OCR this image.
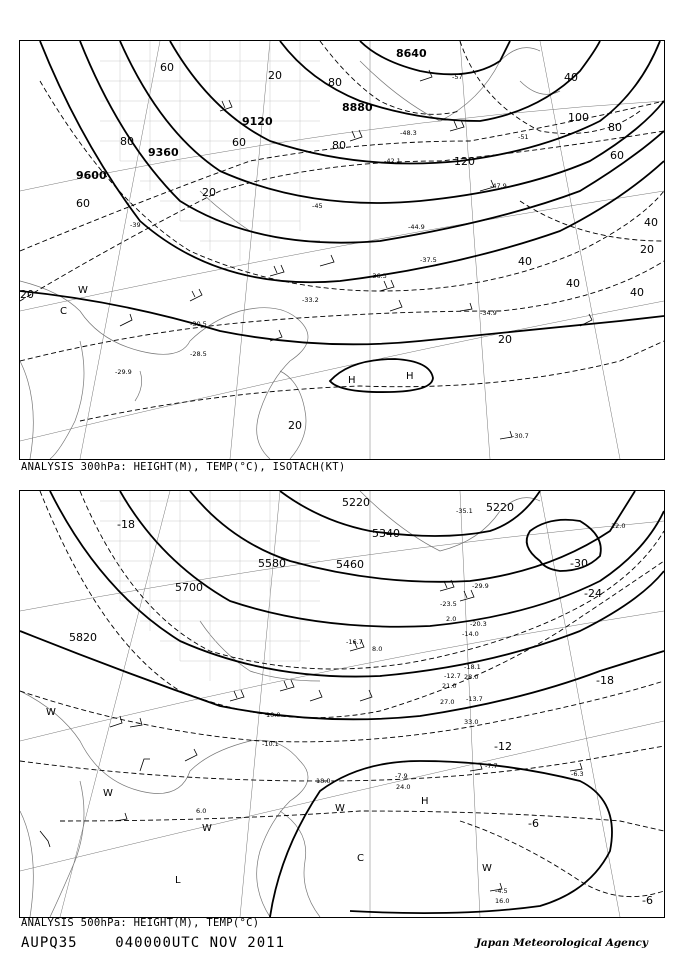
8640
8880
9120
9360
9600
20
20
20
20
20
40
40
40
40
40
60
60
60
60
20
80
80
80
80
100
120
H	H
C
W
-57
-51
-48.3
-45
-42.1
-39
-36.3
-33.2
-30.5
-28.5
-29.9
-30.7
-34.9
-37.5
-44.9
-47.9
ANALYSIS 300hPa: HEIGHT(M), TEMP(°C), ISOTACH(KT)
5220	5220
5340
5460
5580
5700
5820
-30
-24
-18
-12
-6
-6
-18
H
L
C
W
W
W
W
W
-35.1
-29.9
-23.5
-20.3
-18.1
-16.7
-14.0
-13.7
-12.7
-10.1
-7.9
-7.7
-6.3
-4.5
2.0
6.0
8.0
10.0
12.0
16.0
18.0
21.0
24.0
27.0
28.0
33.0
ANALYSIS 500hPa: HEIGHT(M), TEMP(°C)
AUPQ35	040000UTC NOV 2011	Japan Meteorological Agency
